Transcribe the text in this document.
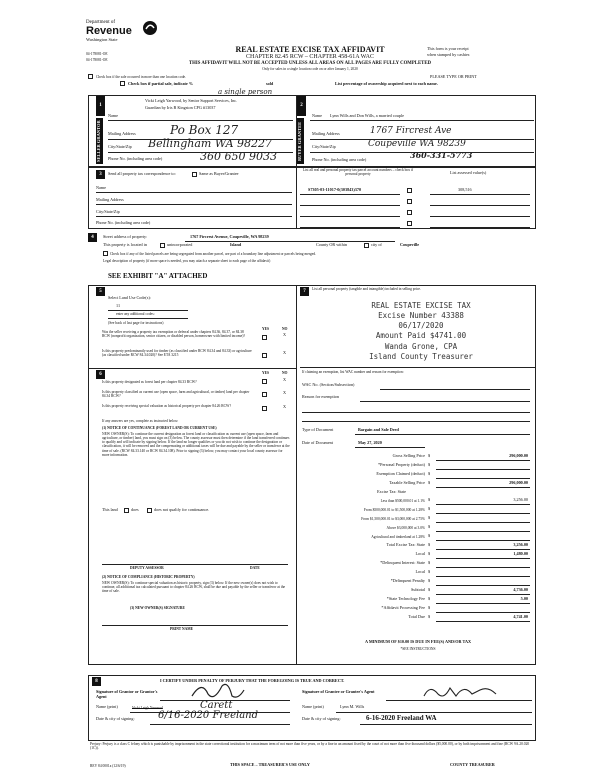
Department of
Revenue
Washington State
04-178081-OE
04-178081-OE
REAL ESTATE EXCISE TAX AFFIDAVIT
CHAPTER 82.45 RCW – CHAPTER 458-61A WAC
THIS AFFIDAVIT WILL NOT BE ACCEPTED UNLESS ALL AREAS ON ALL PAGES ARE FULLY COMPLETED
Only for sales in a single location code on or after January 1, 2020
This form is your receipt
when stamped by cashier.
Check box if the sale occurred in more than one location code.	PLEASE TYPE OR PRINT
Check box if partial sale, indicate %	sold	List percentage of ownership acquired next to each name.
a single person
SELLER GRANTOR
1
BUYER GRANTEE
2
Vicki Leigh Yarwood, by Senior Support Services, Inc.
Guardian by Iris B Kingston CPG #13037
Name
Mailing Address	Po Box 127
City/State/Zip Bellingham WA 98227
Phone No. (including area code)	360 650 9033
Name Lynn Wills and Don Wills, a married couple
Mailing Address	1767 Fircrest Ave
City/State/Zip	Coupeville WA 98239
Phone No. (including area code)	360-331-5773
3	Send all property tax correspondence to:	Same as Buyer/Grantee
Name
Mailing Address
City/State/Zip
Phone No. (including area code)
List all real and personal property tax parcel account numbers – check box if personal property	List assessed value(s)
S7305-03-11017-0(303843)370	308,516
4	Street address of property:	1767 Fircrest Avenue, Coupeville, WA 98239
This property is located in	unincorporated	Island	County OR within	city of	Coupeville
Check box if any of the listed parcels are being segregated from another parcel, are part of a boundary line adjustment or parcels being merged.
Legal description of property (if more space is needed, you may attach a separate sheet to each page of the affidavit)
SEE EXHIBIT "A" ATTACHED
5
Select Land Use Code(s):
11
enter any additional codes:
(See back of last page for instructions)
YES	NO
Was the seller receiving a property tax exemption or deferral under chapters 84.36, 84.37, or 84.38 RCW (nonprofit organization, senior citizen, or disabled person, homeowner with limited income)?	X
Is this property predominantly used for timber (as classified under RCW 84.34 and 84.33) or agriculture (as classified under RCW 84.34.020)? See ETA 3215
X
6	YES	NO
Is this property designated as forest land per chapter 84.33 RCW?	X
Is this property classified as current use (open space, farm and agricultural, or timber) land per chapter 84.34 RCW?
X
Is this property receiving special valuation as historical property per chapter 84.26 RCW?	X
If any answers are yes, complete as instructed below.
(1) NOTICE OF CONTINUANCE (FOREST LAND OR CURRENT USE)
NEW OWNER(S): To continue the current designation as forest land or classification as current use (open space, farm and agriculture, or timber) land, you must sign on (3) below. The county assessor must then determine if the land transferred continues to qualify and will indicate by signing below. If the land no longer qualifies or you do not wish to continue the designation or classification, it will be removed and the compensating or additional taxes will be due and payable by the seller or transferor at the time of sale. (RCW 84.33.140 or RCW 84.34.108). Prior to signing (3) below, you may contact your local county assessor for more information.
This land	does	does not qualify for continuance.
DEPUTY ASSESSOR	DATE
(2) NOTICE OF COMPLIANCE (HISTORIC PROPERTY)
NEW OWNER(S): To continue special valuation as historic property, sign (3) below. If the new owner(s) does not wish to continue, all additional tax calculated pursuant to chapter 84.26 RCW, shall be due and payable by the seller or transferor at the time of sale.
(3) NEW OWNER(S) SIGNATURE
PRINT NAME
7	List all personal property (tangible and intangible) included in selling price.
REAL ESTATE EXCISE TAX
Excise Number 43388
06/17/2020
Amount Paid $4741.00
Wanda Grone, CPA
Island County Treasurer
If claiming an exemption, list WAC number and reason for exemption:
WAC No. (Section/Subsection)
Reason for exemption
Type of Document	Bargain and Sale Deed
Date of Document	May 27, 2020
Gross Selling Price $	296,000.00
*Personal Property (deduct) $
Exemption Claimed (deduct) $
Taxable Selling Price $	296,000.00
Excise Tax: State
Less than $500,000.01 at 1.1% $	3,256.00
From $500,000.01 to $1,500,000 at 1.28% $
From $1,500,000.01 to $3,000,000 at 2.75% $
Above $3,000,000 at 3.0% $
Agricultural and timberland at 1.28% $
Total Excise Tax: State $	3,256.00
Local $	1,480.00
*Delinquent Interest: State $
Local $
*Delinquent Penalty $
Subtotal $	4,736.00
*State Technology Fee $	5.00
*Affidavit Processing Fee $
Total Due $	4,741.00
A MINIMUM OF $10.00 IS DUE IN FEE(S) AND/OR TAX
*SEE INSTRUCTIONS
8	I CERTIFY UNDER PENALTY OF PERJURY THAT THE FOREGOING IS TRUE AND CORRECT.
Signature of Grantor or Grantor's Agent
Name (print)	Vicki Leigh Yarwood	Carett
Date & city of signing: 6/16-2020 Freeland
Signature of Grantee or Grantee's Agent
Name (print)	Lynn M. Wills
Date & city of signing:	6-16-2020 Freeland WA
Perjury: Perjury is a class C felony which is punishable by imprisonment in the state correctional institution for a maximum term of not more than five years, or by a fine in an amount fixed by the court of not more than five thousand dollars ($5,000.00), or by both imprisonment and fine (RCW 9A.20.020 (1C)).
REV 84 0001a (12/6/19)	THIS SPACE – TREASURER'S USE ONLY	COUNTY TREASURER
